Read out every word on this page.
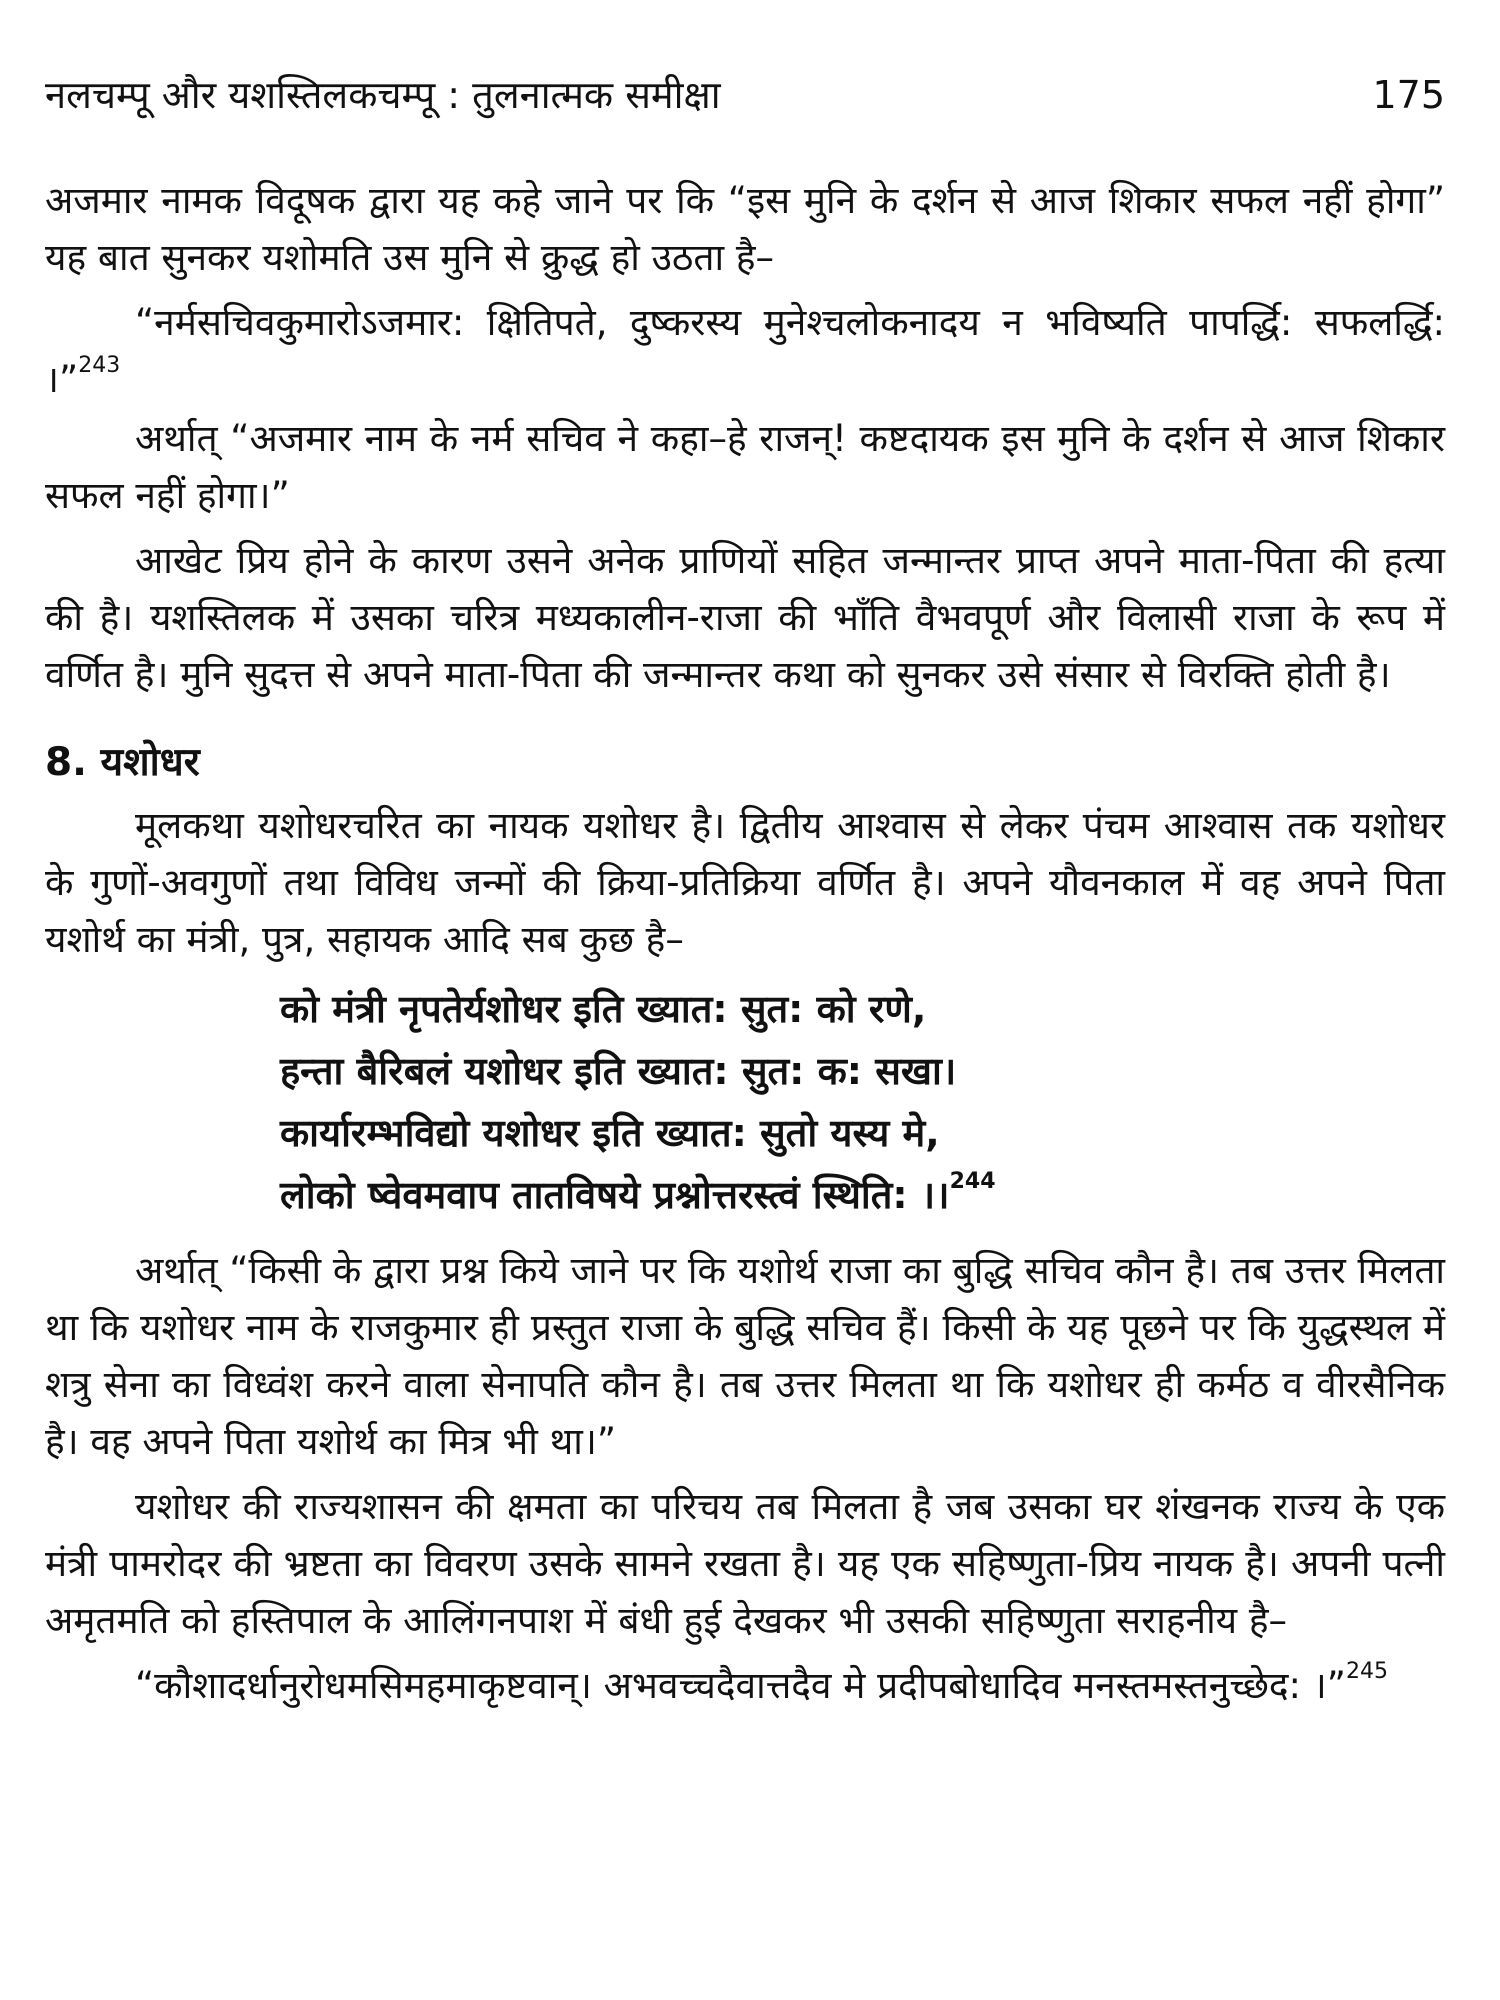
नलचम्पू और यशस्तिलकचम्पू : तुलनात्मक समीक्षा	175

अजमार नामक विदूषक द्वारा यह कहे जाने पर कि “इस मुनि के दर्शन से आज शिकार सफल नहीं होगा” यह बात सुनकर यशोमति उस मुनि से क्रुद्ध हो उठता है–

“नर्मसचिवकुमारोऽजमार: क्षितिपते, दुष्करस्य मुनेश्चलोकनादय न भविष्यति पापर्द्धि: सफलर्द्धि: ।”$^{243}$

अर्थात् “अजमार नाम के नर्म सचिव ने कहा–हे राजन्! कष्टदायक इस मुनि के दर्शन से आज शिकार सफल नहीं होगा।”

आखेट प्रिय होने के कारण उसने अनेक प्राणियों सहित जन्मान्तर प्राप्त अपने माता-पिता की हत्या की है। यशस्तिलक में उसका चरित्र मध्यकालीन-राजा की भाँति वैभवपूर्ण और विलासी राजा के रूप में वर्णित है। मुनि सुदत्त से अपने माता-पिता की जन्मान्तर कथा को सुनकर उसे संसार से विरक्ति होती है।

8. यशोधर

मूलकथा यशोधरचरित का नायक यशोधर है। द्वितीय आश्वास से लेकर पंचम आश्वास तक यशोधर के गुणों-अवगुणों तथा विविध जन्मों की क्रिया-प्रतिक्रिया वर्णित है। अपने यौवनकाल में वह अपने पिता यशोर्थ का मंत्री, पुत्र, सहायक आदि सब कुछ है–

को मंत्री नृपतेर्यशोधर इति ख्यात: सुत: को रणे,
हन्ता बैरिबलं यशोधर इति ख्यात: सुत: क: सखा।
कार्यारम्भविद्यो यशोधर इति ख्यात: सुतो यस्य मे,
लोको ष्वेवमवाप तातविषये प्रश्नोत्तरस्त्वं स्थिति: ।।$^{244}$

अर्थात् “किसी के द्वारा प्रश्न किये जाने पर कि यशोर्थ राजा का बुद्धि सचिव कौन है। तब उत्तर मिलता था कि यशोधर नाम के राजकुमार ही प्रस्तुत राजा के बुद्धि सचिव हैं। किसी के यह पूछने पर कि युद्धस्थल में शत्रु सेना का विध्वंश करने वाला सेनापति कौन है। तब उत्तर मिलता था कि यशोधर ही कर्मठ व वीरसैनिक है। वह अपने पिता यशोर्थ का मित्र भी था।”

यशोधर की राज्यशासन की क्षमता का परिचय तब मिलता है जब उसका घर शंखनक राज्य के एक मंत्री पामरोदर की भ्रष्टता का विवरण उसके सामने रखता है। यह एक सहिष्णुता-प्रिय नायक है। अपनी पत्नी अमृतमति को हस्तिपाल के आलिंगनपाश में बंधी हुई देखकर भी उसकी सहिष्णुता सराहनीय है–

“कौशादर्धानुरोधमसिमहमाकृष्टवान्। अभवच्चदैवात्तदैव मे प्रदीपबोधादिव मनस्तमस्तनुच्छेद: ।”$^{245}$
